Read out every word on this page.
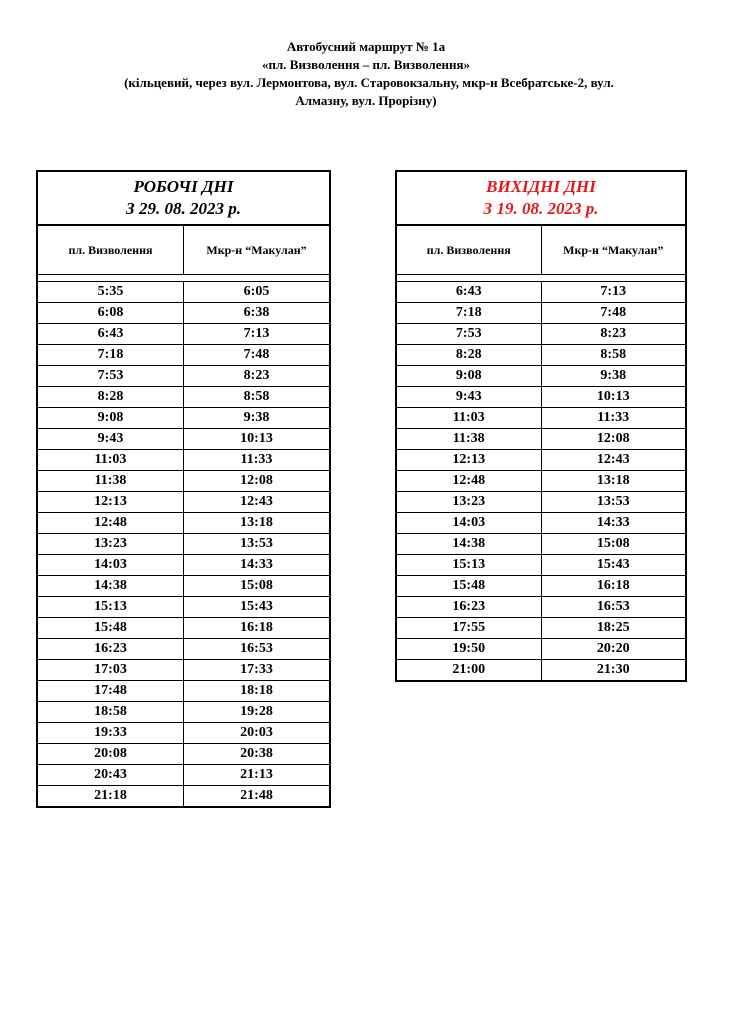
Автобусний маршрут № 1а
«пл. Визволення – пл. Визволення»
(кільцевий, через вул. Лермонтова, вул. Старовокзальну, мкр-н Всебратське-2, вул.
Алмазну, вул. Прорізну)
РОБОЧІ ДНІ
З 29. 08. 2023 р.	

пл. Визволення	Мкр-н “Макулан”

5:35	6:05
6:08	6:38
6:43	7:13
7:18	7:48
7:53	8:23
8:28	8:58
9:08	9:38
9:43	10:13
11:03	11:33
11:38	12:08
12:13	12:43
12:48	13:18
13:23	13:53
14:03	14:33
14:38	15:08
15:13	15:43
15:48	16:18
16:23	16:53
17:03	17:33
17:48	18:18
18:58	19:28
19:33	20:03
20:08	20:38
20:43	21:13
21:18	21:48
ВИХІДНІ ДНІ
З 19. 08. 2023 р.	

пл. Визволення	Мкр-н “Макулан”

6:43	7:13
7:18	7:48
7:53	8:23
8:28	8:58
9:08	9:38
9:43	10:13
11:03	11:33
11:38	12:08
12:13	12:43
12:48	13:18
13:23	13:53
14:03	14:33
14:38	15:08
15:13	15:43
15:48	16:18
16:23	16:53
17:55	18:25
19:50	20:20
21:00	21:30
